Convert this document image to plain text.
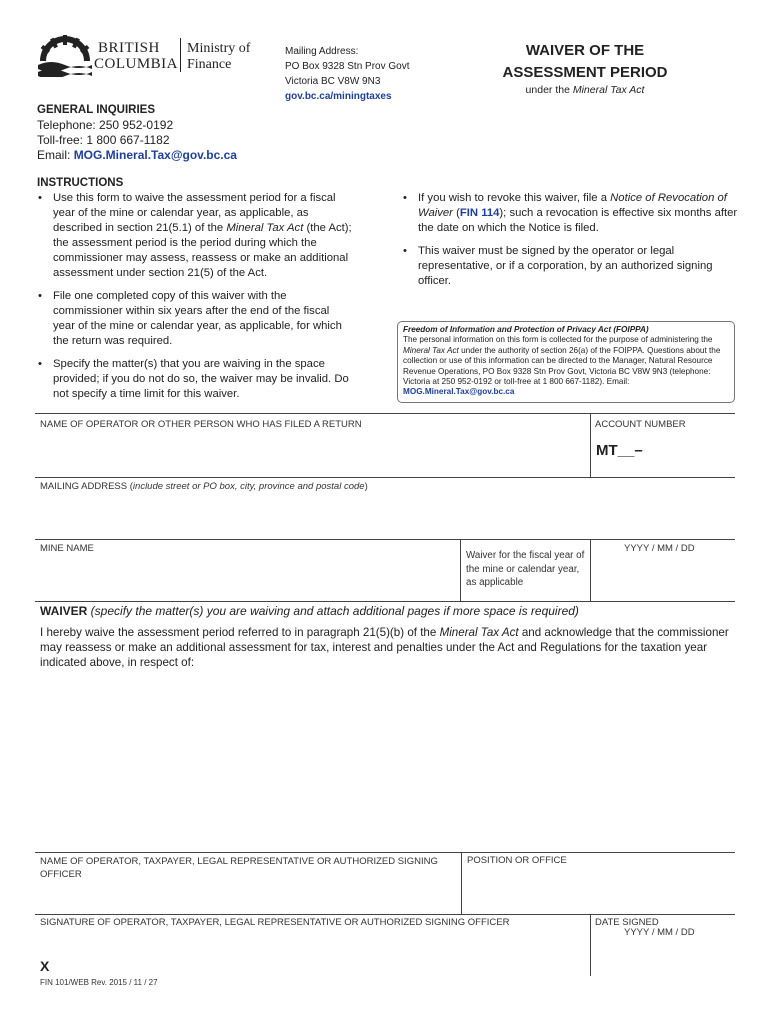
BRITISH
COLUMBIA
Ministry of
Finance
Mailing Address:
PO Box 9328 Stn Prov Govt
Victoria BC V8W 9N3
gov.bc.ca/miningtaxes
WAIVER OF THE
ASSESSMENT PERIOD
under the Mineral Tax Act
GENERAL INQUIRIES
Telephone: 250 952-0192
Toll-free: 1 800 667-1182
Email: MOG.Mineral.Tax@gov.bc.ca
INSTRUCTIONS
• Use this form to waive the assessment period for a fiscal year of the mine or calendar year, as applicable, as described in section 21(5.1) of the Mineral Tax Act (the Act); the assessment period is the period during which the commissioner may assess, reassess or make an additional assessment under section 21(5) of the Act.
• File one completed copy of this waiver with the commissioner within six years after the end of the fiscal year of the mine or calendar year, as applicable, for which the return was required.
• Specify the matter(s) that you are waiving in the space provided; if you do not do so, the waiver may be invalid. Do not specify a time limit for this waiver.
• If you wish to revoke this waiver, file a Notice of Revocation of Waiver (FIN 114); such a revocation is effective six months after the date on which the Notice is filed.
• This waiver must be signed by the operator or legal representative, or if a corporation, by an authorized signing officer.
Freedom of Information and Protection of Privacy Act (FOIPPA)
The personal information on this form is collected for the purpose of administering the Mineral Tax Act under the authority of section 26(a) of the FOIPPA. Questions about the collection or use of this information can be directed to the Manager, Natural Resource Revenue Operations, PO Box 9328 Stn Prov Govt, Victoria BC V8W 9N3 (telephone: Victoria at 250 952-0192 or toll-free at 1 800 667-1182). Email: MOG.Mineral.Tax@gov.bc.ca
NAME OF OPERATOR OR OTHER PERSON WHO HAS FILED A RETURN	ACCOUNT NUMBER
MT__–
MAILING ADDRESS (include street or PO box, city, province and postal code)
MINE NAME
Waiver for the fiscal year of the mine or calendar year, as applicable
YYYY / MM / DD
WAIVER (specify the matter(s) you are waiving and attach additional pages if more space is required)
I hereby waive the assessment period referred to in paragraph 21(5)(b) of the Mineral Tax Act and acknowledge that the commissioner may reassess or make an additional assessment for tax, interest and penalties under the Act and Regulations for the taxation year indicated above, in respect of:
NAME OF OPERATOR, TAXPAYER, LEGAL REPRESENTATIVE OR AUTHORIZED SIGNING OFFICER
POSITION OR OFFICE
SIGNATURE OF OPERATOR, TAXPAYER, LEGAL REPRESENTATIVE OR AUTHORIZED SIGNING OFFICER
X
DATE SIGNED
YYYY / MM / DD
FIN 101/WEB Rev. 2015 / 11 / 27
